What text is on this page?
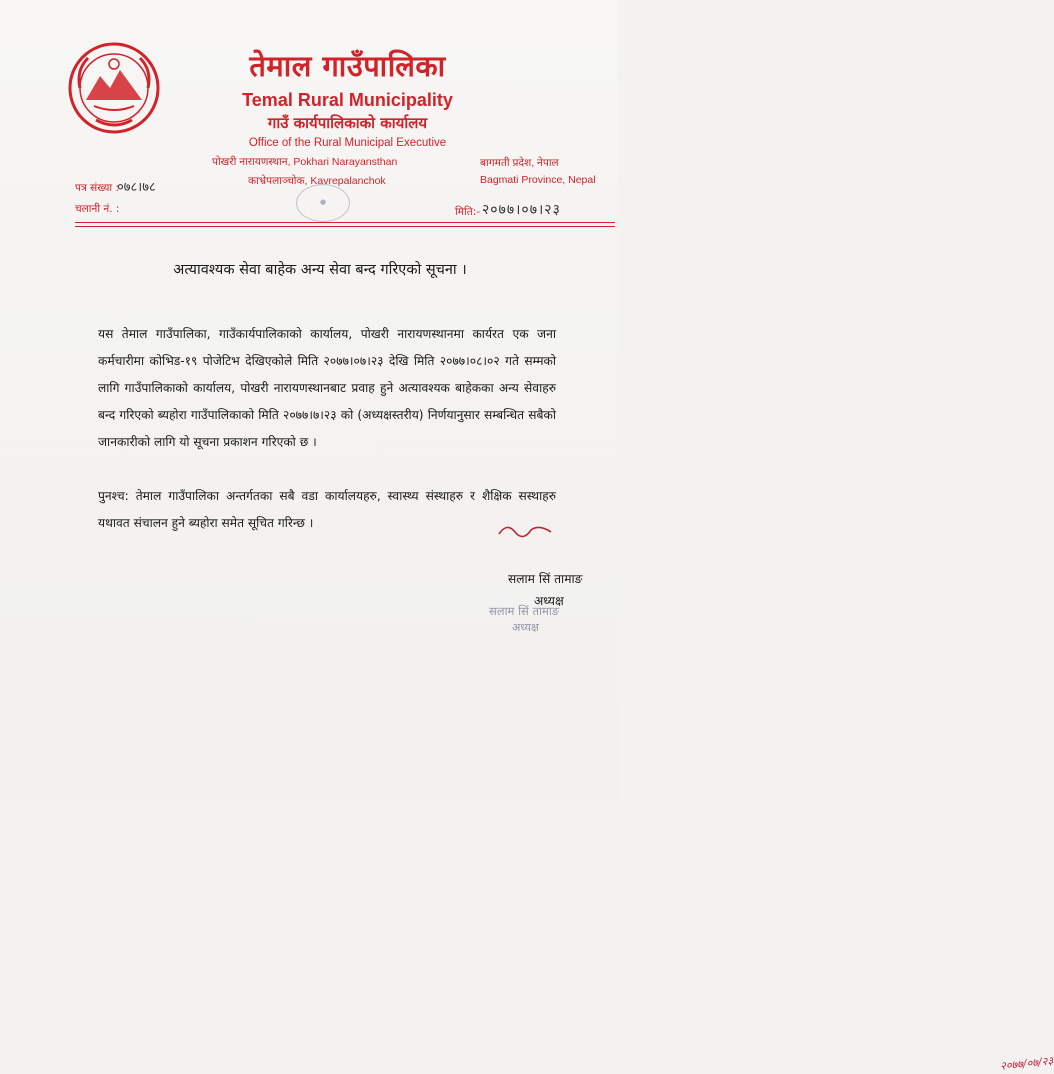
तेमाल गाउँपालिका
Temal Rural Municipality
गाउँ कार्यपालिकाको कार्यालय
Office of the Rural Municipal Executive
पोखरी नारायणस्थान, Pokhari Narayansthan
काभ्रेपलाञ्चोक, Kavrepalanchok
बागमती प्रदेश, नेपाल
Bagmati Province, Nepal
पत्र संख्या :
०७८।७८
चलानी नं. :	मिति:- २०७७।०७।२३
●
अत्यावश्यक सेवा बाहेक अन्य सेवा बन्द गरिएको सूचना ।
यस तेमाल गाउँपालिका, गाउँकार्यपालिकाको कार्यालय, पोखरी नारायणस्थानमा कार्यरत एक जना कर्मचारीमा कोभिड-१९ पोजेटिभ देखिएकोले मिति २०७७।०७।२३ देखि मिति २०७७।०८।०२ गते सम्मको लागि गाउँपालिकाको कार्यालय, पोखरी नारायणस्थानबाट प्रवाह हुने अत्यावश्यक बाहेकका अन्य सेवाहरु बन्द गरिएको ब्यहोरा गाउँपालिकाको मिति २०७७।७।२३ को (अध्यक्षस्तरीय) निर्णयानुसार सम्बन्धित सबैको जानकारीको लागि यो सूचना प्रकाशन गरिएको छ ।
पुनश्च: तेमाल गाउँपालिका अन्तर्गतका सबै वडा कार्यालयहरु, स्वास्थ्य संस्थाहरु र शैक्षिक सस्थाहरु यथावत संचालन हुने ब्यहोरा समेत सूचित गरिन्छ ।
२०७७/०७/२३
सलाम सिं तामाङ
अध्यक्ष
सलाम सिं तामाङ
अध्यक्ष
